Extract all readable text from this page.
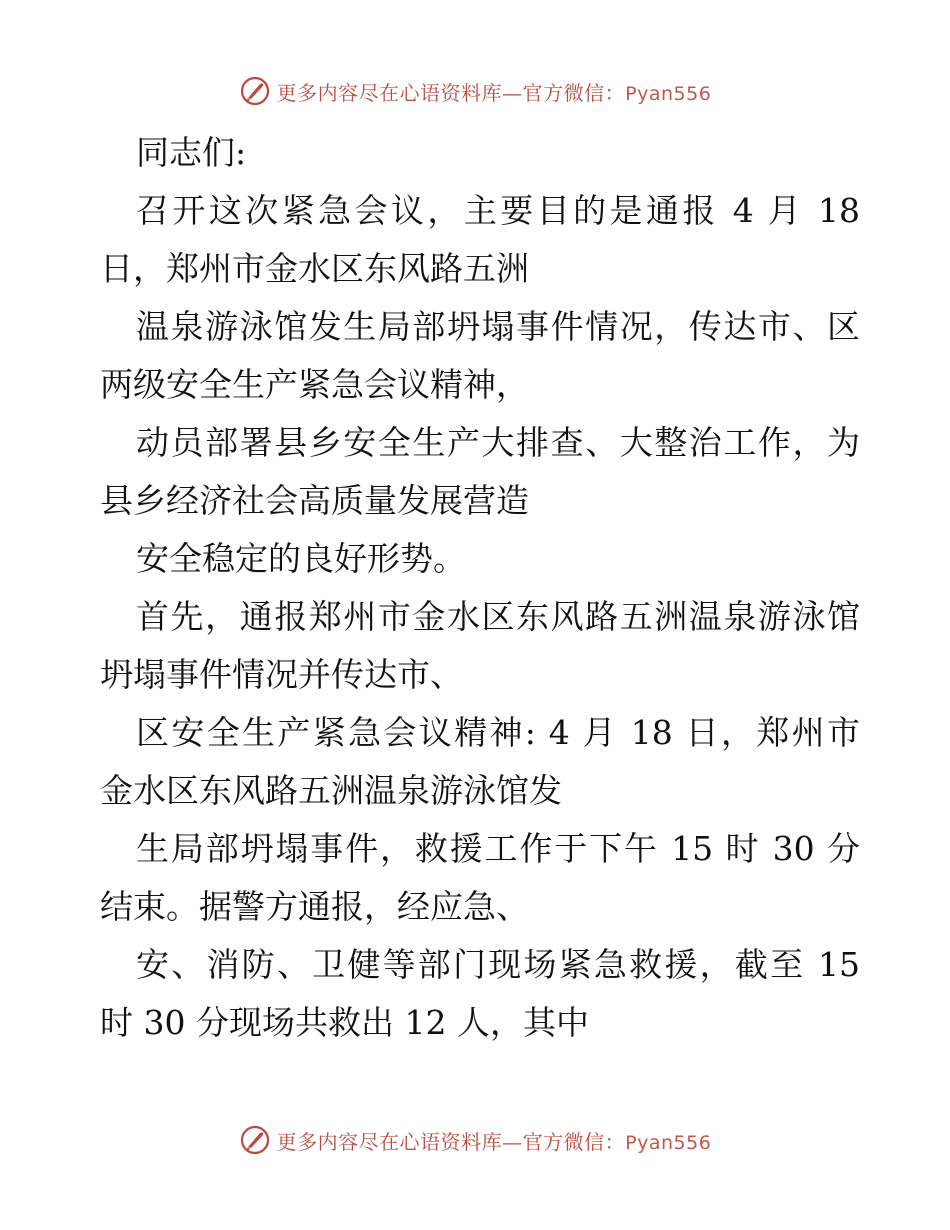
更多内容尽在心语资料库—官方微信：Pyan556
同志们:
召开这次紧急会议，主要目的是通报 4 月 18
日，郑州市金水区东风路五洲
温泉游泳馆发生局部坍塌事件情况，传达市、区
两级安全生产紧急会议精神，
动员部署县乡安全生产大排查、大整治工作，为
县乡经济社会高质量发展营造
安全稳定的良好形势。
首先，通报郑州市金水区东风路五洲温泉游泳馆
坍塌事件情况并传达市、
区安全生产紧急会议精神: 4 月 18 日，郑州市
金水区东风路五洲温泉游泳馆发
生局部坍塌事件，救援工作于下午 15 时 30 分
结束。据警方通报，经应急、
安、消防、卫健等部门现场紧急救援，截至 15
时 30 分现场共救出 12 人，其中
更多内容尽在心语资料库—官方微信：Pyan556
